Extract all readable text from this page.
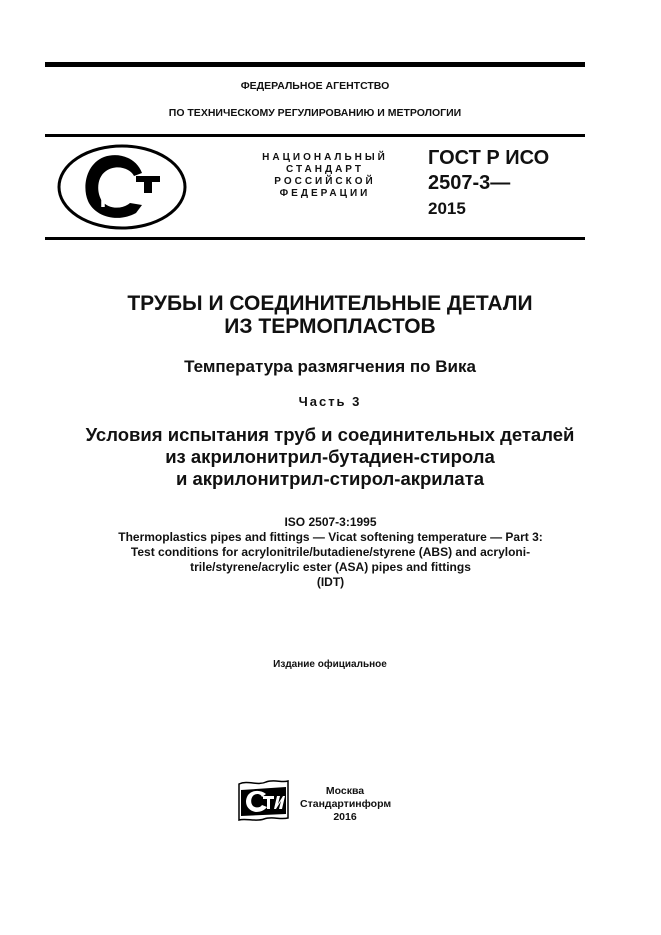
ФЕДЕРАЛЬНОЕ АГЕНТСТВО
ПО ТЕХНИЧЕСКОМУ РЕГУЛИРОВАНИЮ И МЕТРОЛОГИИ
НАЦИОНАЛЬНЫЙ
СТАНДАРТ
РОССИЙСКОЙ
ФЕДЕРАЦИИ
ГОСТ Р ИСО
2507-3—
2015
ТРУБЫ И СОЕДИНИТЕЛЬНЫЕ ДЕТАЛИ
ИЗ ТЕРМОПЛАСТОВ
Температура размягчения по Вика
Часть 3
Условия испытания труб и соединительных деталей
из акрилонитрил-бутадиен-стирола
и акрилонитрил-стирол-акрилата
ISO 2507-3:1995
Thermoplastics pipes and fittings — Vicat softening temperature — Part 3:
Test conditions for acrylonitrile/butadiene/styrene (ABS) and acryloni-
trile/styrene/acrylic ester (ASA) pipes and fittings
(IDT)
Издание официальное
Москва
Стандартинформ
2016
